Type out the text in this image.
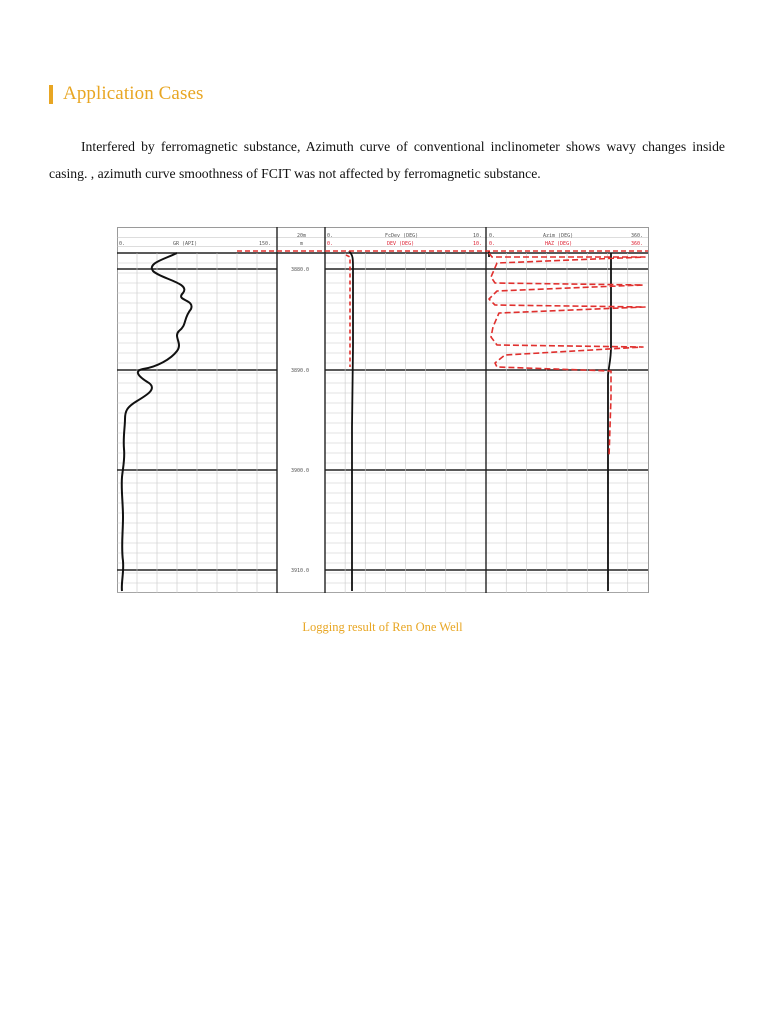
Application Cases

Interfered by ferromagnetic substance, Azimuth curve of conventional inclinometer shows wavy changes inside casing. , azimuth curve smoothness of FCIT was not affected by ferromagnetic substance.

0.	GR (API)	150.
20m
m
0.	FcDev (DEG)	10.
0.	DEV (DEG)	10.
0.	Azim (DEG)	360.
0.	HAZ (DEG)	360.
3880.0
3890.0
3900.0
3910.0
Logging result of Ren One Well
